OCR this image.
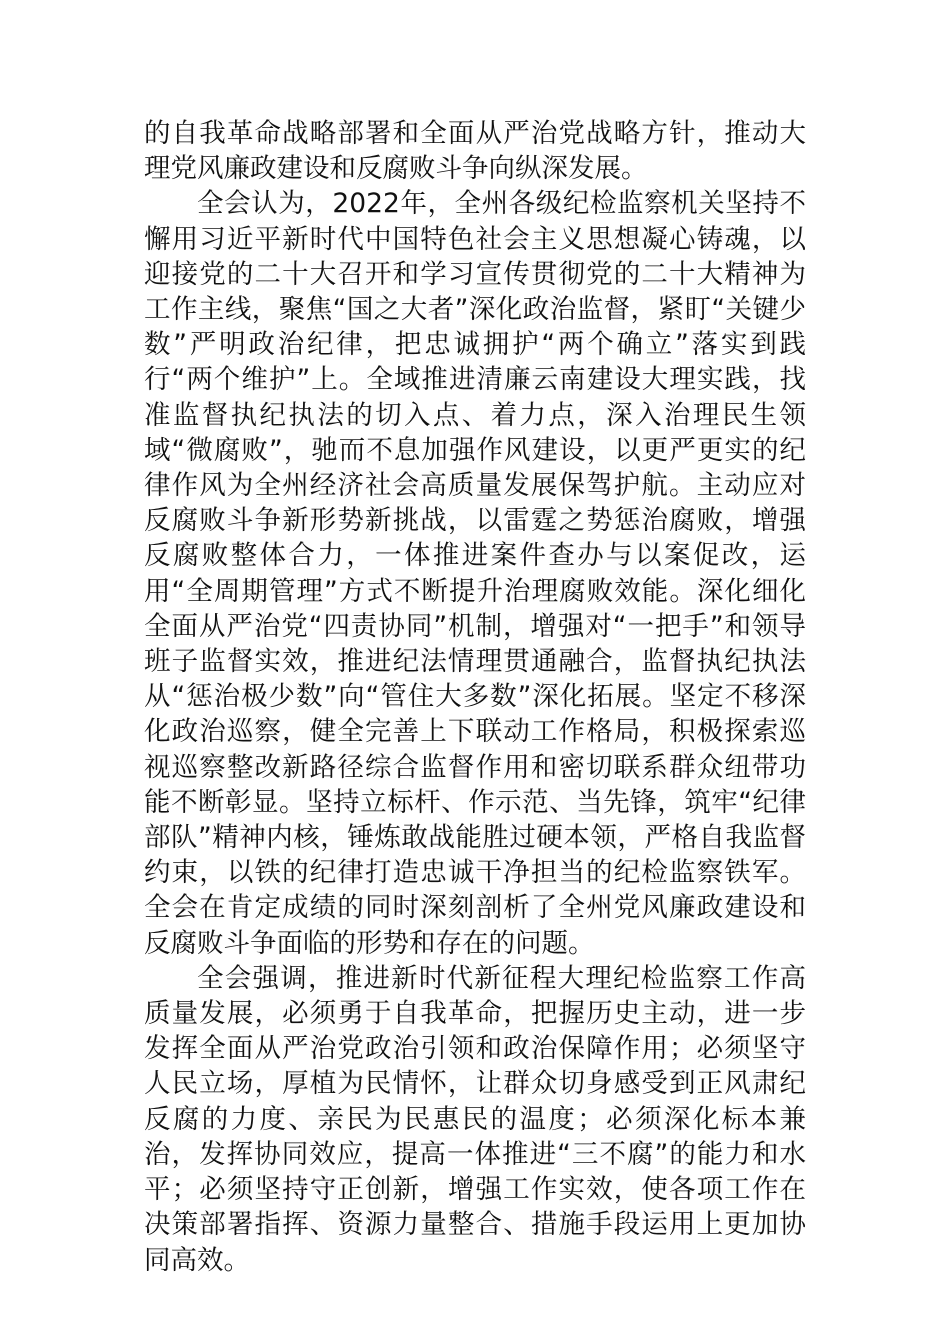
的自我革命战略部署和全面从严治党战略方针，推动大理党风廉政建设和反腐败斗争向纵深发展。

全会认为，2022年，全州各级纪检监察机关坚持不懈用习近平新时代中国特色社会主义思想凝心铸魂，以迎接党的二十大召开和学习宣传贯彻党的二十大精神为工作主线，聚焦“国之大者”深化政治监督，紧盯“关键少数”严明政治纪律，把忠诚拥护“两个确立”落实到践行“两个维护”上。全域推进清廉云南建设大理实践，找准监督执纪执法的切入点、着力点，深入治理民生领域“微腐败”，驰而不息加强作风建设，以更严更实的纪律作风为全州经济社会高质量发展保驾护航。主动应对反腐败斗争新形势新挑战，以雷霆之势惩治腐败，增强反腐败整体合力，一体推进案件查办与以案促改，运用“全周期管理”方式不断提升治理腐败效能。深化细化全面从严治党“四责协同”机制，增强对“一把手”和领导班子监督实效，推进纪法情理贯通融合，监督执纪执法从“惩治极少数”向“管住大多数”深化拓展。坚定不移深化政治巡察，健全完善上下联动工作格局，积极探索巡视巡察整改新路径综合监督作用和密切联系群众纽带功能不断彰显。坚持立标杆、作示范、当先锋，筑牢“纪律部队”精神内核，锤炼敢战能胜过硬本领，严格自我监督约束，以铁的纪律打造忠诚干净担当的纪检监察铁军。全会在肯定成绩的同时深刻剖析了全州党风廉政建设和反腐败斗争面临的形势和存在的问题。

全会强调，推进新时代新征程大理纪检监察工作高质量发展，必须勇于自我革命，把握历史主动，进一步发挥全面从严治党政治引领和政治保障作用；必须坚守人民立场，厚植为民情怀，让群众切身感受到正风肃纪反腐的力度、亲民为民惠民的温度；必须深化标本兼治，发挥协同效应，提高一体推进“三不腐”的能力和水平；必须坚持守正创新，增强工作实效，使各项工作在决策部署指挥、资源力量整合、措施手段运用上更加协同高效。
